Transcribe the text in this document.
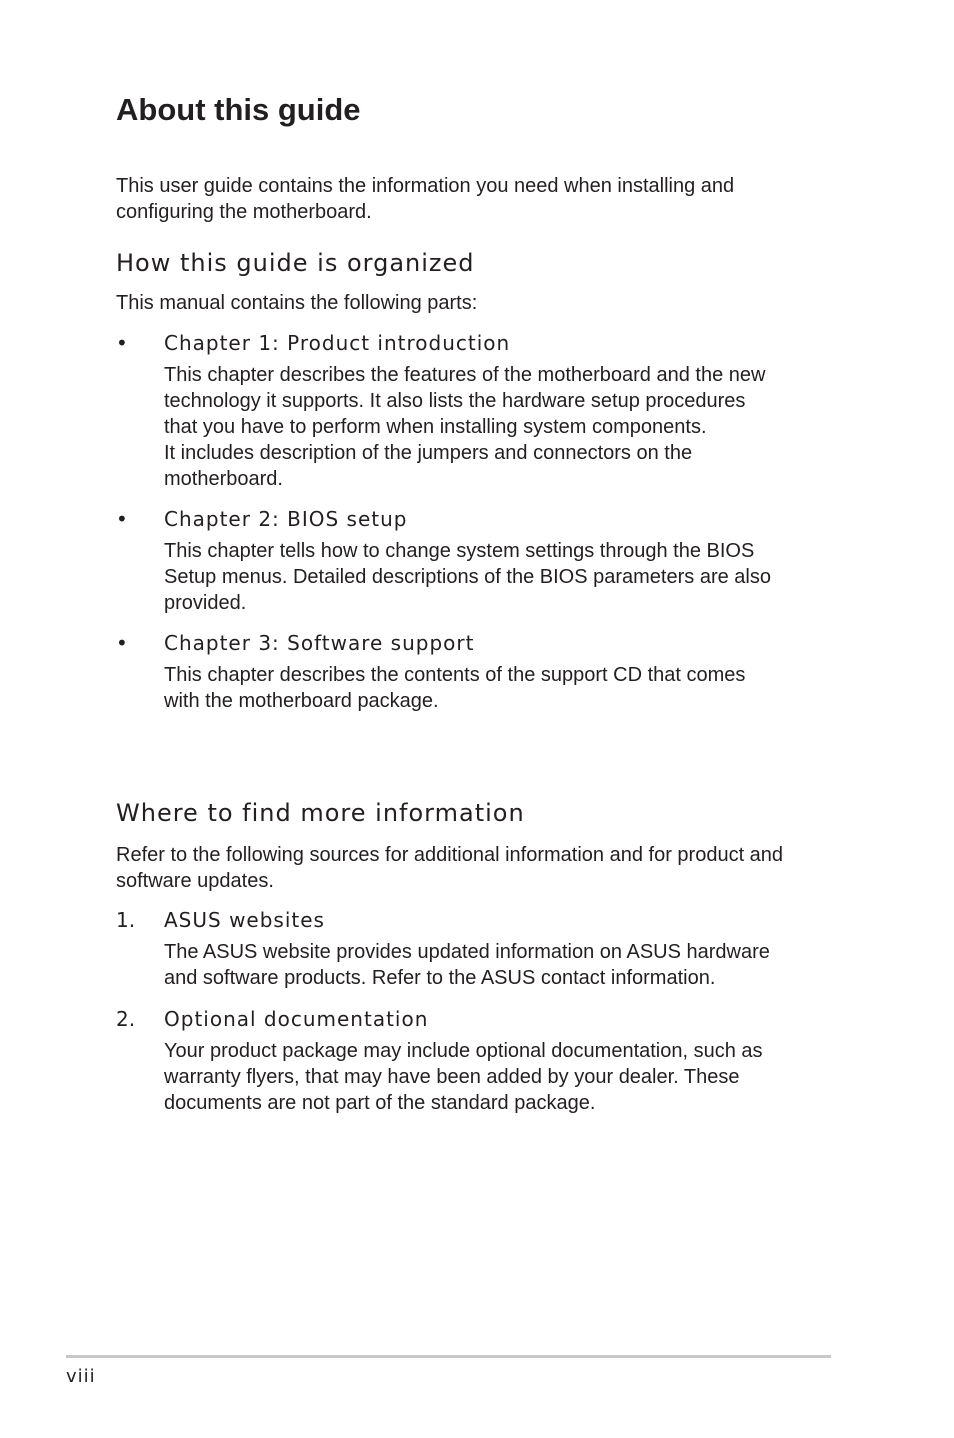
About this guide

This user guide contains the information you need when installing and configuring the motherboard.

How this guide is organized

This manual contains the following parts:

• Chapter 1: Product introduction
This chapter describes the features of the motherboard and the new
technology it supports. It also lists the hardware setup procedures
that you have to perform when installing system components.
It includes description of the jumpers and connectors on the
motherboard.
• Chapter 2: BIOS setup
This chapter tells how to change system settings through the BIOS
Setup menus. Detailed descriptions of the BIOS parameters are also
provided.
• Chapter 3: Software support
This chapter describes the contents of the support CD that comes
with the motherboard package.
Where to find more information

Refer to the following sources for additional information and for product and software updates.

1. ASUS websites
The ASUS website provides updated information on ASUS hardware
and software products. Refer to the ASUS contact information.
2. Optional documentation
Your product package may include optional documentation, such as
warranty flyers, that may have been added by your dealer. These
documents are not part of the standard package.
viii
